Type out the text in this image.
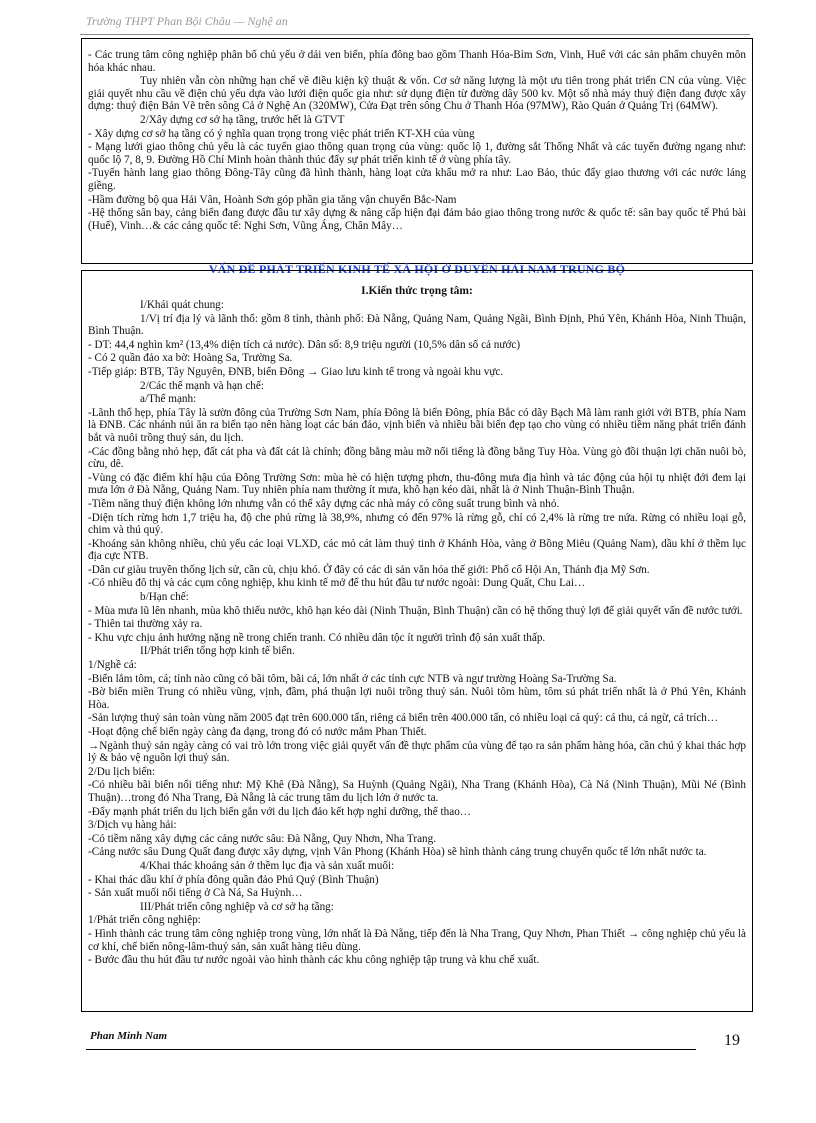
Trường THPT Phan Bội Châu — Nghệ an

- Các trung tâm công nghiệp phân bố chủ yếu ở dải ven biển, phía đông bao gồm Thanh Hóa-Bỉm Sơn, Vinh, Huế với các sản phẩm chuyên môn hóa khác nhau.

Tuy nhiên vẫn còn những hạn chế về điều kiện kỹ thuật & vốn. Cơ sở năng lượng là một ưu tiên trong phát triển CN của vùng. Việc giải quyết nhu cầu về điện chủ yếu dựa vào lưới điện quốc gia như: sử dụng điện từ đường dây 500 kv. Một số nhà máy thuỷ điện đang được xây dựng: thuỷ điện Bản Vẽ trên sông Cả ở Nghệ An (320MW), Cửa Đạt trên sông Chu ở Thanh Hóa (97MW), Rào Quán ở Quảng Trị (64MW).

2/Xây dựng cơ sở hạ tầng, trước hết là GTVT

- Xây dựng cơ sở hạ tầng có ý nghĩa quan trọng trong việc phát triển KT-XH của vùng

- Mạng lưới giao thông chủ yếu là các tuyến giao thông quan trọng của vùng: quốc lộ 1, đường sắt Thống Nhất và các tuyến đường ngang như: quốc lộ 7, 8, 9. Đường Hồ Chí Minh hoàn thành thúc đẩy sự phát triển kinh tế ở vùng phía tây.

-Tuyến hành lang giao thông Đông-Tây cũng đã hình thành, hàng loạt cửa khẩu mở ra như: Lao Bảo, thúc đẩy giao thương với các nước láng giềng.

-Hầm đường bộ qua Hải Vân, Hoành Sơn góp phần gia tăng vận chuyển Bắc-Nam

-Hệ thống sân bay, cảng biển đang được đầu tư xây dựng & nâng cấp hiện đại đảm bảo giao thông trong nước & quốc tế: sân bay quốc tế Phú bài (Huế), Vinh…& các cảng quốc tế: Nghi Sơn, Vũng Áng, Chân Mây…

VẤN ĐỀ PHÁT TRIỂN KINH TẾ XÃ HỘI Ở DUYÊN HẢI NAM TRUNG BỘ

I.Kiến thức trọng tâm:

I/Khái quát chung:

1/Vị trí địa lý và lãnh thổ: gồm 8 tỉnh, thành phố: Đà Nẵng, Quảng Nam, Quảng Ngãi, Bình Định, Phú Yên, Khánh Hòa, Ninh Thuận, Bình Thuận.

- DT: 44,4 nghìn km² (13,4% diện tích cả nước). Dân số: 8,9 triệu người (10,5% dân số cả nước)

- Có 2 quần đảo xa bờ: Hoàng Sa, Trường Sa.

-Tiếp giáp: BTB, Tây Nguyên, ĐNB, biển Đông → Giao lưu kinh tế trong và ngoài khu vực.

2/Các thế mạnh và hạn chế:

a/Thế mạnh:

-Lãnh thổ hẹp, phía Tây là sườn đông của Trường Sơn Nam, phía Đông là biển Đông, phía Bắc có dãy Bạch Mã làm ranh giới với BTB, phía Nam là ĐNB. Các nhánh núi ăn ra biển tạo nên hàng loạt các bán đảo, vịnh biển và nhiều bãi biển đẹp tạo cho vùng có nhiều tiềm năng phát triển đánh bắt và nuôi trồng thuỷ sản, du lịch.

-Các đồng bằng nhỏ hẹp, đất cát pha và đất cát là chính; đồng bằng màu mỡ nổi tiếng là đồng bằng Tuy Hòa. Vùng gò đồi thuận lợi chăn nuôi bò, cừu, dê.

-Vùng có đặc điểm khí hậu của Đông Trường Sơn: mùa hè có hiện tượng phơn, thu-đông mưa địa hình và tác động của hội tụ nhiệt đới đem lại mưa lớn ở Đà Nẵng, Quảng Nam. Tuy nhiên phía nam thường ít mưa, khô hạn kéo dài, nhất là ở Ninh Thuận-Bình Thuận.

-Tiềm năng thuỷ điện không lớn nhưng vẫn có thể xây dựng các nhà máy có công suất trung bình và nhỏ.

-Diện tích rừng hơn 1,7 triệu ha, độ che phủ rừng là 38,9%, nhưng có đến 97% là rừng gỗ, chỉ có 2,4% là rừng tre nứa. Rừng có nhiều loại gỗ, chim và thú quý.

-Khoáng sản không nhiều, chủ yếu các loại VLXD, các mỏ cát làm thuỷ tinh ở Khánh Hòa, vàng ở Bồng Miêu (Quảng Nam), dầu khí ở thềm lục địa cực NTB.

-Dân cư giàu truyền thống lịch sử, cần cù, chịu khó. Ở đây có các di sản văn hóa thế giới: Phố cổ Hội An, Thánh địa Mỹ Sơn.

-Có nhiều đô thị và các cụm công nghiệp, khu kinh tế mở để thu hút đầu tư nước ngoài: Dung Quất, Chu Lai…

b/Hạn chế:

- Mùa mưa lũ lên nhanh, mùa khô thiếu nước, khô hạn kéo dài (Ninh Thuận, Bình Thuận) cần có hệ thống thuỷ lợi để giải quyết vấn đề nước tưới.

- Thiên tai thường xảy ra.

- Khu vực chịu ảnh hưởng nặng nề trong chiến tranh. Có nhiều dân tộc ít người trình độ sản xuất thấp.

II/Phát triển tổng hợp kinh tế biển.

1/Nghề cá:

-Biển lắm tôm, cá; tỉnh nào cũng có bãi tôm, bãi cá, lớn nhất ở các tỉnh cực NTB và ngư trường Hoàng Sa-Trường Sa.

-Bờ biển miền Trung có nhiều vũng, vịnh, đầm, phá thuận lợi nuôi trồng thuỷ sản. Nuôi tôm hùm, tôm sú phát triển nhất là ở Phú Yên, Khánh Hòa.

-Sản lượng thuỷ sản toàn vùng năm 2005 đạt trên 600.000 tấn, riêng cá biển trên 400.000 tấn, có nhiều loại cá quý: cá thu, cá ngừ, cá trích…

-Hoạt động chế biến ngày càng đa dạng, trong đó có nước mắm Phan Thiết.

→Ngành thuỷ sản ngày càng có vai trò lớn trong việc giải quyết vấn đề thực phẩm của vùng để tạo ra sản phẩm hàng hóa, cần chú ý khai thác hợp lý & bảo vệ nguồn lợi thuỷ sản.

2/Du lịch biển:

-Có nhiều bãi biển nổi tiếng như: Mỹ Khê (Đà Nẵng), Sa Huỳnh (Quảng Ngãi), Nha Trang (Khánh Hòa), Cà Ná (Ninh Thuận), Mũi Né (Bình Thuận)…trong đó Nha Trang, Đà Nẵng là các trung tâm du lịch lớn ở nước ta.

-Đẩy mạnh phát triển du lịch biển gắn với du lịch đảo kết hợp nghỉ dưỡng, thể thao…

3/Dịch vụ hàng hải:

-Có tiềm năng xây dựng các cảng nước sâu: Đà Nẵng, Quy Nhơn, Nha Trang.

-Cảng nước sâu Dung Quất đang được xây dựng, vịnh Vân Phong (Khánh Hòa) sẽ hình thành cảng trung chuyển quốc tế lớn nhất nước ta.

4/Khai thác khoáng sản ở thềm lục địa và sản xuất muối:

- Khai thác dầu khí ở phía đông quần đảo Phú Quý (Bình Thuận)

- Sản xuất muối nổi tiếng ở Cà Ná, Sa Huỳnh…

III/Phát triển công nghiệp và cơ sở hạ tầng:

1/Phát triển công nghiệp:

- Hình thành các trung tâm công nghiệp trong vùng, lớn nhất là Đà Nẵng, tiếp đến là Nha Trang, Quy Nhơn, Phan Thiết → công nghiệp chủ yếu là cơ khí, chế biến nông-lâm-thuỷ sản, sản xuất hàng tiêu dùng.

- Bước đầu thu hút đầu tư nước ngoài vào hình thành các khu công nghiệp tập trung và khu chế xuất.

Phan Minh Nam	19
